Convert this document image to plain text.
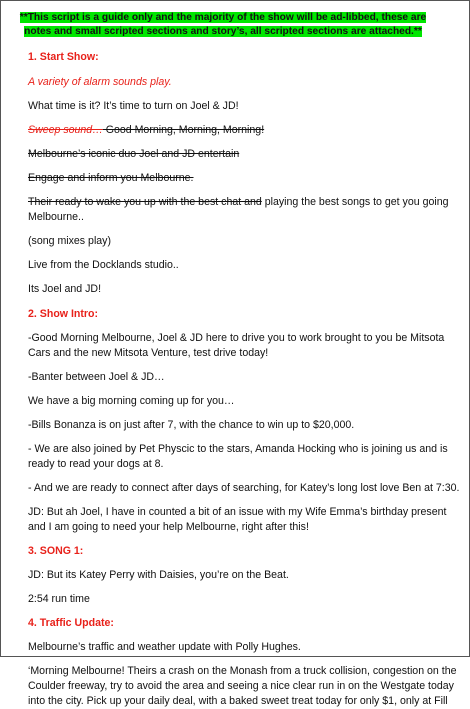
**This script is a guide only and the majority of the show will be ad-libbed, these are
notes and small scripted sections and story’s, all scripted sections are attached.**

1. Start Show:

A variety of alarm sounds play.

What time is it? It’s time to turn on Joel & JD!

Sweep sound… Good Morning, Morning, Morning!

Melbourne’s iconic duo Joel and JD entertain

Engage and inform you Melbourne.

Their ready to wake you up with the best chat and playing the best songs to get you going

Melbourne..

(song mixes play)

Live from the Docklands studio..

Its Joel and JD!

2. Show Intro:

-Good Morning Melbourne, Joel & JD here to drive you to work brought to you be Mitsota

Cars and the new Mitsota Venture, test drive today!

-Banter between Joel & JD…

We have a big morning coming up for you…

-Bills Bonanza is on just after 7, with the chance to win up to $20,000.

- We are also joined by Pet Physcic to the stars, Amanda Hocking who is joining us and is

ready to read your dogs at 8.

- And we are ready to connect after days of searching, for Katey’s long lost love Ben at 7:30.

JD: But ah Joel, I have in counted a bit of an issue with my Wife Emma’s birthday present

and I am going to need your help Melbourne, right after this!

3. SONG 1:

JD: But its Katey Perry with Daisies, you’re on the Beat.

2:54 run time

4. Traffic Update:

Melbourne’s traffic and weather update with Polly Hughes.

‘Morning Melbourne! Theirs a crash on the Monash from a truck collision, congestion on the

Coulder freeway, try to avoid the area and seeing a nice clear run in on the Westgate today

into the city. Pick up your daily deal, with a baked sweet treat today for only $1, only at Fill
